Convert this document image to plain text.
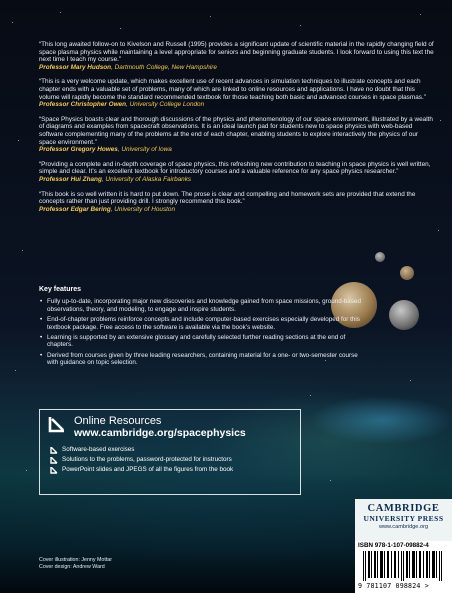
“This long awaited follow-on to Kivelson and Russell (1995) provides a significant update of scientific material in the rapidly changing field of space plasma physics while maintaining a level appropriate for seniors and beginning graduate students. I look forward to using this text the next time I teach my course.”
Professor Mary Hudson, Dartmouth College, New Hampshire

“This is a very welcome update, which makes excellent use of recent advances in simulation techniques to illustrate concepts and each chapter ends with a valuable set of problems, many of which are linked to online resources and applications. I have no doubt that this volume will rapidly become the standard recommended textbook for those teaching both basic and advanced courses in space plasmas.”
Professor Christopher Owen, University College London

“Space Physics boasts clear and thorough discussions of the physics and phenomenology of our space environment, illustrated by a wealth of diagrams and examples from spacecraft observations. It is an ideal launch pad for students new to space physics with web-based software complementing many of the problems at the end of each chapter, enabling students to explore interactively the physics of our space environment.”
Professor Gregory Howes, University of Iowa

“Providing a complete and in-depth coverage of space physics, this refreshing new contribution to teaching in space physics is well written, simple and clear. It’s an excellent textbook for introductory courses and a valuable reference for any space physics researcher.”
Professor Hui Zhang, University of Alaska Fairbanks

“This book is so well written it is hard to put down. The prose is clear and compelling and homework sets are provided that extend the concepts rather than just providing drill. I strongly recommend this book.”
Professor Edgar Bering, University of Houston

Key features
• Fully up-to-date, incorporating major new discoveries and knowledge gained from space missions, ground-based observations, theory, and modeling, to engage and inspire students.
• End-of-chapter problems reinforce concepts and include computer-based exercises especially developed for this textbook package. Free access to the software is available via the book’s website.
• Learning is supported by an extensive glossary and carefully selected further reading sections at the end of chapters.
• Derived from courses given by three leading researchers, containing material for a one- or two-semester course with guidance on topic selection.
Online Resources
www.cambridge.org/spacephysics
Software-based exercises
Solutions to the problems, password-protected for instructors
PowerPoint slides and JPEGS of all the figures from the book
CAMBRIDGE
UNIVERSITY PRESS
www.cambridge.org
ISBN 978-1-107-09882-4
9 781107 098824 >
Cover illustration: Jenny Mottar
Cover design: Andrew Ward
